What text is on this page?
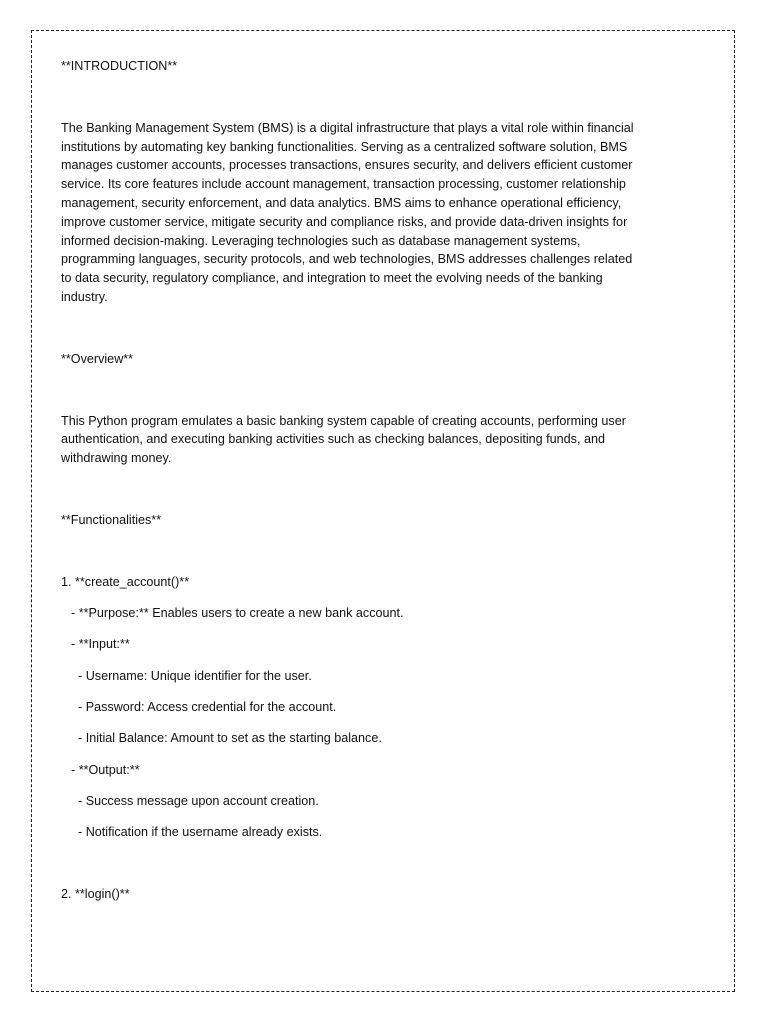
**INTRODUCTION**

The Banking Management System (BMS) is a digital infrastructure that plays a vital role within financial institutions by automating key banking functionalities. Serving as a centralized software solution, BMS manages customer accounts, processes transactions, ensures security, and delivers efficient customer service. Its core features include account management, transaction processing, customer relationship management, security enforcement, and data analytics. BMS aims to enhance operational efficiency, improve customer service, mitigate security and compliance risks, and provide data-driven insights for informed decision-making. Leveraging technologies such as database management systems, programming languages, security protocols, and web technologies, BMS addresses challenges related to data security, regulatory compliance, and integration to meet the evolving needs of the banking industry.

**Overview**

This Python program emulates a basic banking system capable of creating accounts, performing user authentication, and executing banking activities such as checking balances, depositing funds, and withdrawing money.

**Functionalities**

1. **create_account()**

- **Purpose:** Enables users to create a new bank account.

- **Input:**

- Username: Unique identifier for the user.

- Password: Access credential for the account.

- Initial Balance: Amount to set as the starting balance.

- **Output:**

- Success message upon account creation.

- Notification if the username already exists.

2. **login()**
